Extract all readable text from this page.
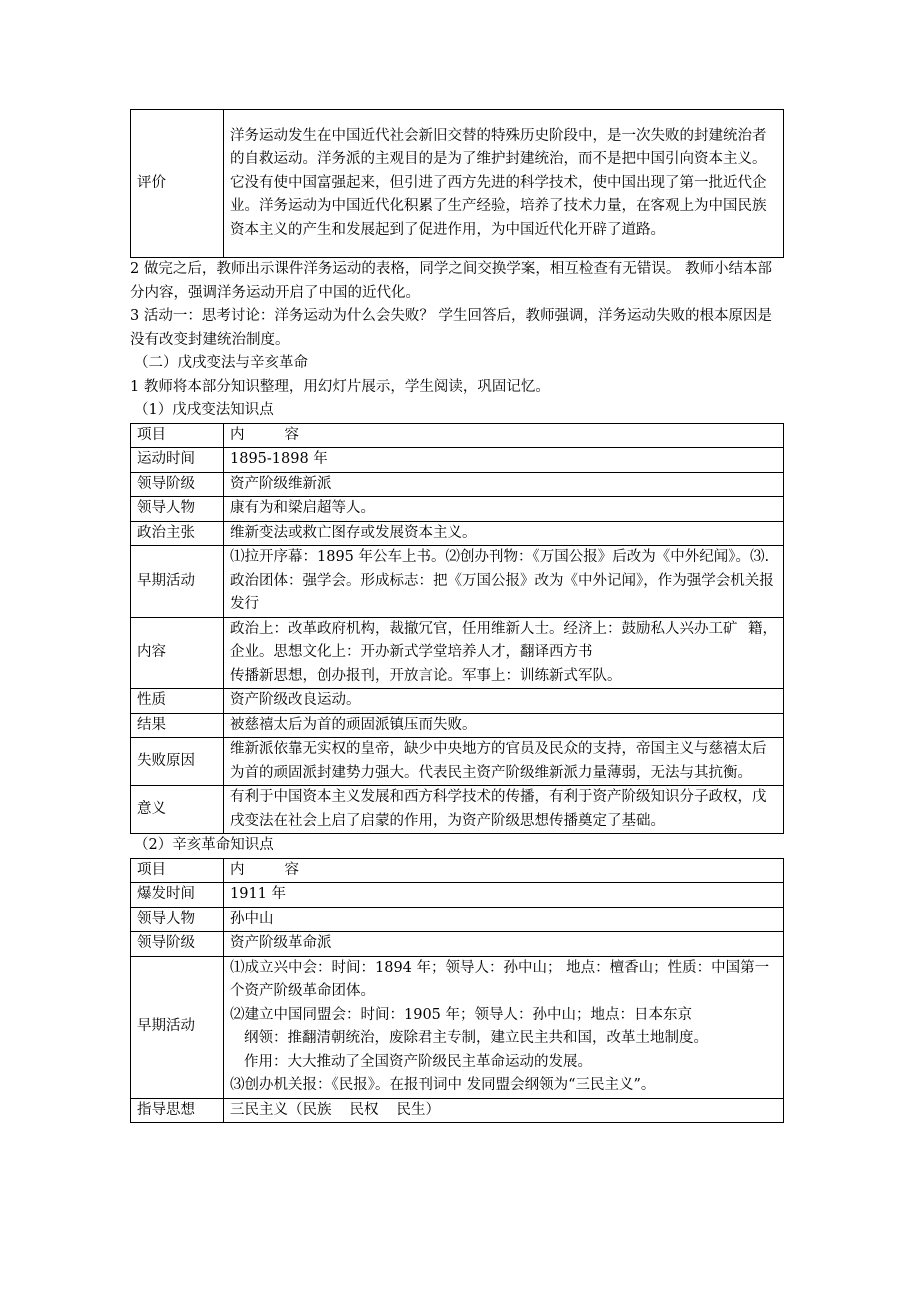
评价	洋务运动发生在中国近代社会新旧交替的特殊历史阶段中，是一次失败的封建统治者的自救运动。洋务派的主观目的是为了维护封建统治，而不是把中国引向资本主义。它没有使中国富强起来，但引进了西方先进的科学技术，使中国出现了第一批近代企业。洋务运动为中国近代化积累了生产经验，培养了技术力量，在客观上为中国民族资本主义的产生和发展起到了促进作用，为中国近代化开辟了道路。

2 做完之后，教师出示课件洋务运动的表格，同学之间交换学案，相互检查有无错误。 教师小结本部分内容，强调洋务运动开启了中国的近代化。

3 活动一：思考讨论：洋务运动为什么会失败？ 学生回答后，教师强调，洋务运动失败的根本原因是没有改变封建统治制度。

（二）戊戌变法与辛亥革命

1 教师将本部分知识整理，用幻灯片展示，学生阅读，巩固记忆。

（1）戊戌变法知识点

项目	内 容
运动时间	1895-1898 年
领导阶级	资产阶级维新派
领导人物	康有为和梁启超等人。
政治主张	维新变法或救亡图存或发展资本主义。
早期活动	⑴拉开序幕：1895 年公车上书。⑵创办刊物：《万国公报》后改为《中外纪闻》。⑶.政治团体：强学会。形成标志：把《万国公报》改为《中外记闻》，作为强学会机关报发行
内容	政治上：改革政府机构，裁撤冗官，任用维新人士。经济上：鼓励私人兴办工矿企业。思想文化上：开办新式学堂培养人才，翻译西方书
籍，
传播新思想，创办报刊，开放言论。军事上：训练新式军队。

性质	资产阶级改良运动。
结果	被慈禧太后为首的顽固派镇压而失败。
失败原因	维新派依靠无实权的皇帝，缺少中央地方的官员及民众的支持，帝国主义与慈禧太后为首的顽固派封建势力强大。代表民主资产阶级维新派力量薄弱，无法与其抗衡。
意义	有利于中国资本主义发展和西方科学技术的传播，有利于资产阶级知识分子政权，戊戌变法在社会上启了启蒙的作用，为资产阶级思想传播奠定了基础。

（2）辛亥革命知识点

项目	内 容
爆发时间	1911 年
领导人物	孙中山
领导阶级	资产阶级革命派
早期活动	⑴成立兴中会：时间：1894 年；领导人：孙中山； 地点：檀香山；性质：中国第一个资产阶级革命团体。
⑵建立中国同盟会：时间：1905 年；领导人：孙中山；地点：日本东京
纲领：推翻清朝统治，废除君主专制，建立民主共和国，改革土地制度。
作用：大大推动了全国资产阶级民主革命运动的发展。
⑶创办机关报：《民报》。在报刊词中 发同盟会纲领为“三民主义”。

指导思想	三民主义（民族 民权 民生）
